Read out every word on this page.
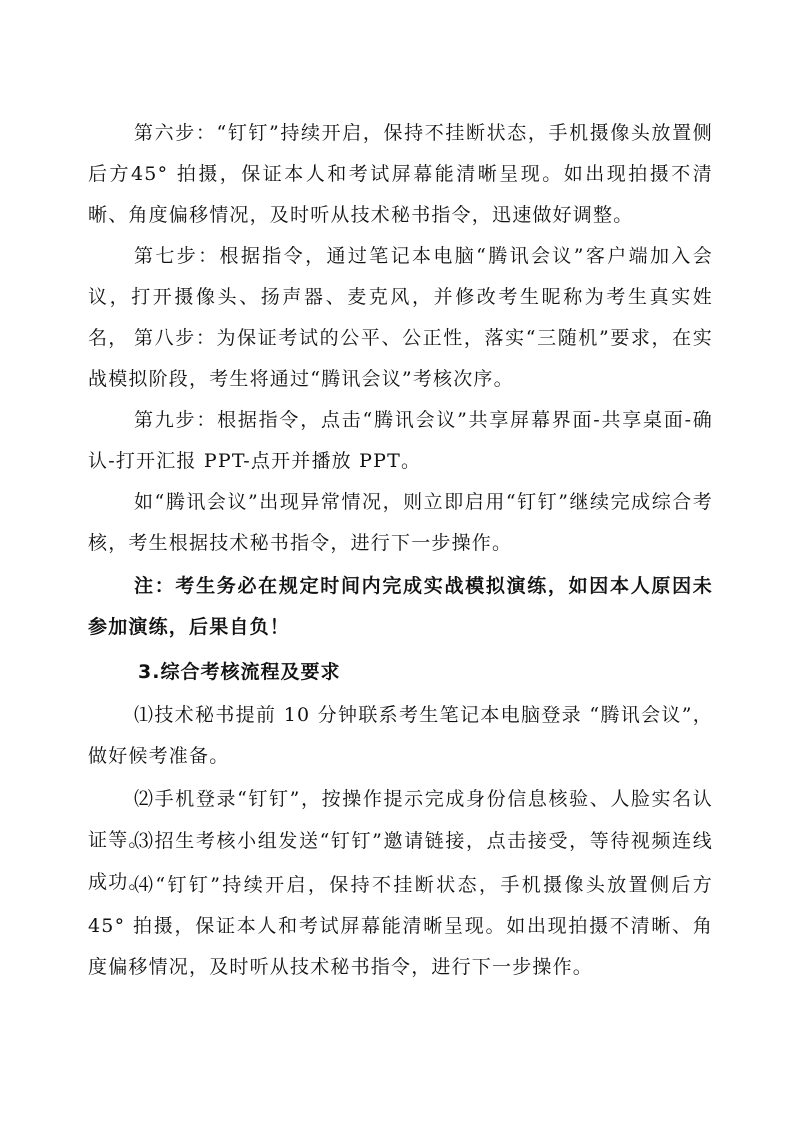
第六步：“钉钉”持续开启，保持不挂断状态，手机摄像头放置侧后方45° 拍摄，保证本人和考试屏幕能清晰呈现。如出现拍摄不清晰、角度偏移情况，及时听从技术秘书指令，迅速做好调整。

第七步：根据指令，通过笔记本电脑“腾讯会议”客户端加入会议，打开摄像头、扬声器、麦克风，并修改考生昵称为考生真实姓名， 第八步：为保证考试的公平、公正性，落实“三随机”要求，在实战模拟阶段，考生将通过“腾讯会议”考核次序。

第九步：根据指令，点击“腾讯会议”共享屏幕界面-共享桌面-确认-打开汇报 PPT-点开并播放 PPT。

如“腾讯会议”出现异常情况，则立即启用“钉钉”继续完成综合考核，考生根据技术秘书指令，进行下一步操作。

注：考生务必在规定时间内完成实战模拟演练，如因本人原因未参加演练，后果自负！

3.综合考核流程及要求

⑴技术秘书提前 10 分钟联系考生笔记本电脑登录 “腾讯会议”，做好候考准备。

⑵手机登录“钉钉”，按操作提示完成身份信息核验、人脸实名认证等。

⑶招生考核小组发送“钉钉”邀请链接，点击接受，等待视频连线成功。

⑷“钉钉”持续开启，保持不挂断状态，手机摄像头放置侧后方 45° 拍摄，保证本人和考试屏幕能清晰呈现。如出现拍摄不清晰、角度偏移情况，及时听从技术秘书指令，进行下一步操作。
